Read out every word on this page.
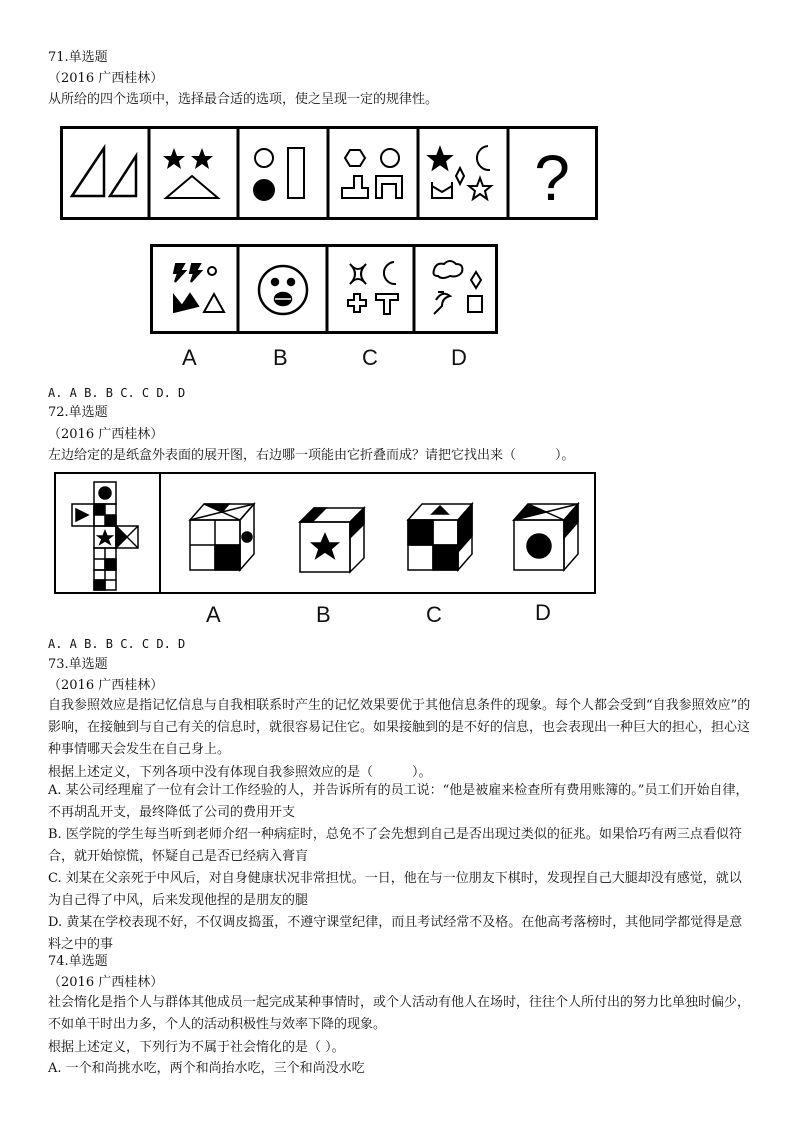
71.单选题
（2016 广西桂林）
从所给的四个选项中，选择最合适的选项，使之呈现一定的规律性。
?
A	B	C	D
A. A B. B C. C D. D
72.单选题
（2016 广西桂林）
左边给定的是纸盒外表面的展开图，右边哪一项能由它折叠而成？请把它找出来（　　　）。
A	B	C	D
A. A B. B C. C D. D
73.单选题
（2016 广西桂林）
自我参照效应是指记忆信息与自我相联系时产生的记忆效果要优于其他信息条件的现象。每个人都会受到“自我参照效应”的影响，在接触到与自己有关的信息时，就很容易记住它。如果接触到的是不好的信息，也会表现出一种巨大的担心，担心这种事情哪天会发生在自己身上。
根据上述定义，下列各项中没有体现自我参照效应的是（　　　）。
A. 某公司经理雇了一位有会计工作经验的人，并告诉所有的员工说：“他是被雇来检查所有费用账簿的。”员工们开始自律，不再胡乱开支，最终降低了公司的费用开支
B. 医学院的学生每当听到老师介绍一种病症时，总免不了会先想到自己是否出现过类似的征兆。如果恰巧有两三点看似符合，就开始惊慌，怀疑自己是否已经病入膏肓
C. 刘某在父亲死于中风后，对自身健康状况非常担忧。一日，他在与一位朋友下棋时，发现捏自己大腿却没有感觉，就以为自己得了中风，后来发现他捏的是朋友的腿
D. 黄某在学校表现不好，不仅调皮捣蛋，不遵守课堂纪律，而且考试经常不及格。在他高考落榜时，其他同学都觉得是意料之中的事
74.单选题
（2016 广西桂林）
社会惰化是指个人与群体其他成员一起完成某种事情时，或个人活动有他人在场时，往往个人所付出的努力比单独时偏少，不如单干时出力多，个人的活动积极性与效率下降的现象。
根据上述定义，下列行为不属于社会惰化的是（ ）。
A. 一个和尚挑水吃，两个和尚抬水吃，三个和尚没水吃
